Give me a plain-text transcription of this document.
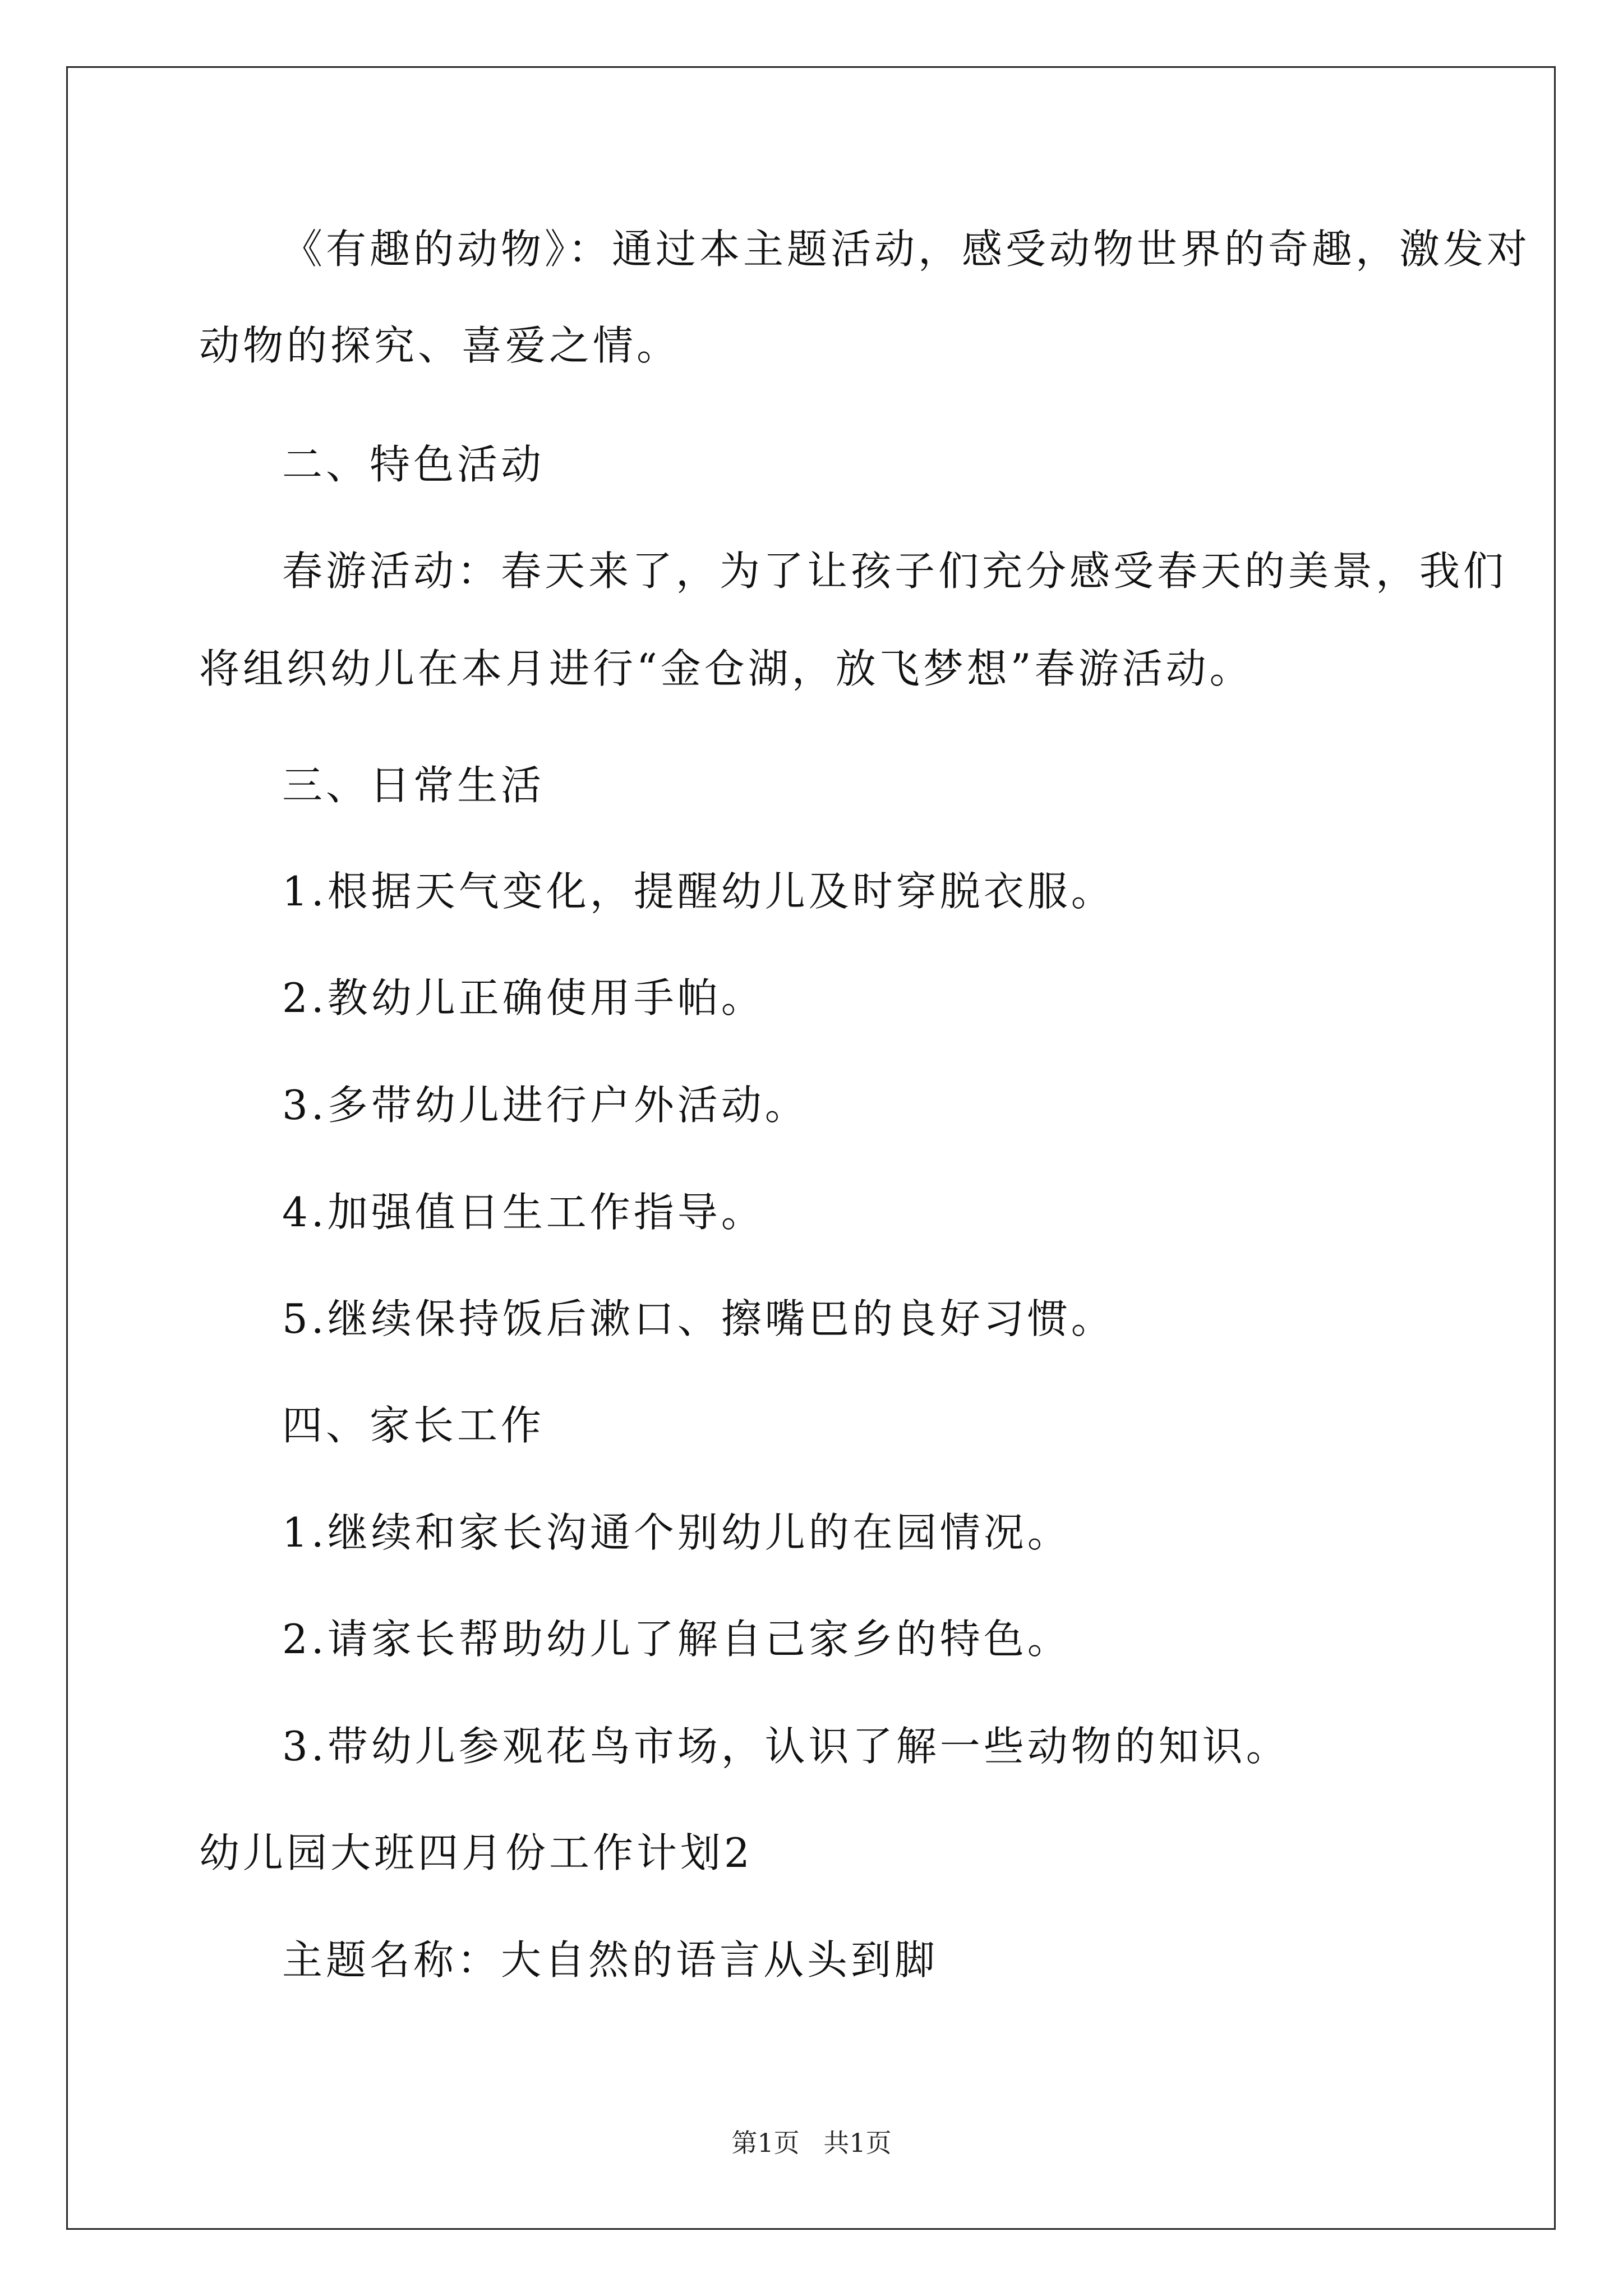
《有趣的动物》：通过本主题活动，感受动物世界的奇趣，激发对
动物的探究、喜爱之情。
二、特色活动
春游活动：春天来了，为了让孩子们充分感受春天的美景，我们
将组织幼儿在本月进行“金仓湖，放飞梦想”春游活动。
三、日常生活
1.根据天气变化，提醒幼儿及时穿脱衣服。
2.教幼儿正确使用手帕。
3.多带幼儿进行户外活动。
4.加强值日生工作指导。
5.继续保持饭后漱口、擦嘴巴的良好习惯。
四、家长工作
1.继续和家长沟通个别幼儿的在园情况。
2.请家长帮助幼儿了解自己家乡的特色。
3.带幼儿参观花鸟市场，认识了解一些动物的知识。
幼儿园大班四月份工作计划2
主题名称：大自然的语言从头到脚
第1页 共1页
